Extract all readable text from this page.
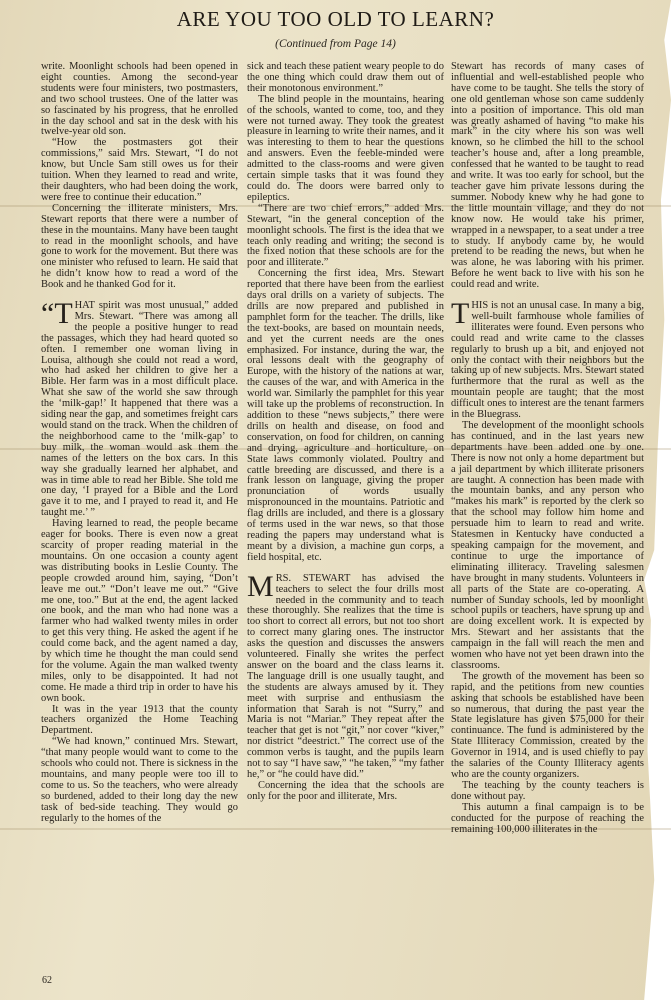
ARE YOU TOO OLD TO LEARN?
(Continued from Page 14)

write. Moonlight schools had been opened in eight counties. Among the second-year students were four ministers, two postmasters, and two school trustees. One of the latter was so fascinated by his progress, that he enrolled in the day school and sat in the desk with his twelve-year old son.

“How the postmasters got their commissions,” said Mrs. Stewart, “I do not know, but Uncle Sam still owes us for their tuition. When they learned to read and write, their daughters, who had been doing the work, were free to continue their education.”

Concerning the illiterate ministers, Mrs. Stewart reports that there were a number of these in the mountains. Many have been taught to read in the moonlight schools, and have gone to work for the movement. But there was one minister who refused to learn. He said that he didn’t know how to read a word of the Book and he thanked God for it.

“THAT spirit was most unusual,” added Mrs. Stewart. “There was among all the people a positive hunger to read the passages, which they had heard quoted so often. I remember one woman living in Louisa, although she could not read a word, who had asked her children to give her a Bible. Her farm was in a most difficult place. What she saw of the world she saw through the ‘milk-gap!’ It happened that there was a siding near the gap, and sometimes freight cars would stand on the track. When the children of the neighborhood came to the ‘milk-gap’ to buy milk, the woman would ask them the names of the letters on the box cars. In this way she gradually learned her alphabet, and was in time able to read her Bible. She told me one day, ‘I prayed for a Bible and the Lord gave it to me, and I prayed to read it, and He taught me.’ ”

Having learned to read, the people became eager for books. There is even now a great scarcity of proper reading material in the mountains. On one occasion a county agent was distributing books in Leslie County. The people crowded around him, saying, “Don’t leave me out.” “Don’t leave me out.” “Give me one, too.” But at the end, the agent lacked one book, and the man who had none was a farmer who had walked twenty miles in order to get this very thing. He asked the agent if he could come back, and the agent named a day, by which time he thought the man could send for the volume. Again the man walked twenty miles, only to be disappointed. It had not come. He made a third trip in order to have his own book.

It was in the year 1913 that the county teachers organized the Home Teaching Department.

“We had known,” continued Mrs. Stewart, “that many people would want to come to the schools who could not. There is sickness in the mountains, and many people were too ill to come to us. So the teachers, who were already so burdened, added to their long day the new task of bed-side teaching. They would go regularly to the homes of the

sick and teach these patient weary people to do the one thing which could draw them out of their monotonous environment.”

The blind people in the mountains, hearing of the schools, wanted to come, too, and they were not turned away. They took the greatest pleasure in learning to write their names, and it was interesting to them to hear the questions and answers. Even the feeble-minded were admitted to the class-rooms and were given certain simple tasks that it was found they could do. The doors were barred only to epileptics.

“There are two chief errors,” added Mrs. Stewart, “in the general conception of the moonlight schools. The first is the idea that we teach only reading and writing; the second is the fixed notion that these schools are for the poor and illiterate.”

Concerning the first idea, Mrs. Stewart reported that there have been from the earliest days oral drills on a variety of subjects. The drills are now prepared and published in pamphlet form for the teacher. The drills, like the text-books, are based on mountain needs, and yet the current needs are the ones emphasized. For instance, during the war, the oral lessons dealt with the geography of Europe, with the history of the nations at war, the causes of the war, and with America in the world war. Similarly the pamphlet for this year will take up the problems of reconstruction. In addition to these “news subjects,” there were drills on health and disease, on food and conservation, on food for children, on canning and drying, agriculture and horticulture, on State laws commonly violated. Poultry and cattle breeding are discussed, and there is a frank lesson on language, giving the proper pronunciation of words usually mispronounced in the mountains. Patriotic and flag drills are included, and there is a glossary of terms used in the war news, so that those reading the papers may understand what is meant by a division, a machine gun corps, a field hospital, etc.

MRS. STEWART has advised the teachers to select the four drills most needed in the community and to teach these thoroughly. She realizes that the time is too short to correct all errors, but not too short to correct many glaring ones. The instructor asks the question and discusses the answers volunteered. Finally she writes the perfect answer on the board and the class learns it. The language drill is one usually taught, and the students are always amused by it. They meet with surprise and enthusiasm the information that Sarah is not “Surry,” and Maria is not “Mariar.” They repeat after the teacher that get is not “git,” nor cover “kiver,” nor district “deestrict.” The correct use of the common verbs is taught, and the pupils learn not to say “I have saw,” “he taken,” “my father he,” or “he could have did.”

Concerning the idea that the schools are only for the poor and illiterate, Mrs.

Stewart has records of many cases of influential and well-established people who have come to be taught. She tells the story of one old gentleman whose son came suddenly into a position of importance. This old man was greatly ashamed of having “to make his mark” in the city where his son was well known, so he climbed the hill to the school teacher’s house and, after a long preamble, confessed that he wanted to be taught to read and write. It was too early for school, but the teacher gave him private lessons during the summer. Nobody knew why he had gone to the little mountain village, and they do not know now. He would take his primer, wrapped in a newspaper, to a seat under a tree to study. If anybody came by, he would pretend to be reading the news, but when he was alone, he was laboring with his primer. Before he went back to live with his son he could read and write.

THIS is not an unusal case. In many a big, well-built farmhouse whole families of illiterates were found. Even persons who could read and write came to the classes regularly to brush up a bit, and enjoyed not only the contact with their neighbors but the taking up of new subjects. Mrs. Stewart stated furthermore that the rural as well as the mountain people are taught; that the most difficult ones to interest are the tenant farmers in the Bluegrass.

The development of the moonlight schools has continued, and in the last years new departments have been added one by one. There is now not only a home department but a jail department by which illiterate prisoners are taught. A connection has been made with the mountain banks, and any person who “makes his mark” is reported by the clerk so that the school may follow him home and persuade him to learn to read and write. Statesmen in Kentucky have conducted a speaking campaign for the movement, and continue to urge the importance of eliminating illiteracy. Traveling salesmen have brought in many students. Volunteers in all parts of the State are co-operating. A number of Sunday schools, led by moonlight school pupils or teachers, have sprung up and are doing excellent work. It is expected by Mrs. Stewart and her assistants that the campaign in the fall will reach the men and women who have not yet been drawn into the classrooms.

The growth of the movement has been so rapid, and the petitions from new counties asking that schools be established have been so numerous, that during the past year the State legislature has given $75,000 for their continuance. The fund is administered by the State Illiteracy Commission, created by the Governor in 1914, and is used chiefly to pay the salaries of the County Illiteracy agents who are the county organizers.

The teaching by the county teachers is done without pay.

This autumn a final campaign is to be conducted for the purpose of reaching the remaining 100,000 illiterates in the

62
